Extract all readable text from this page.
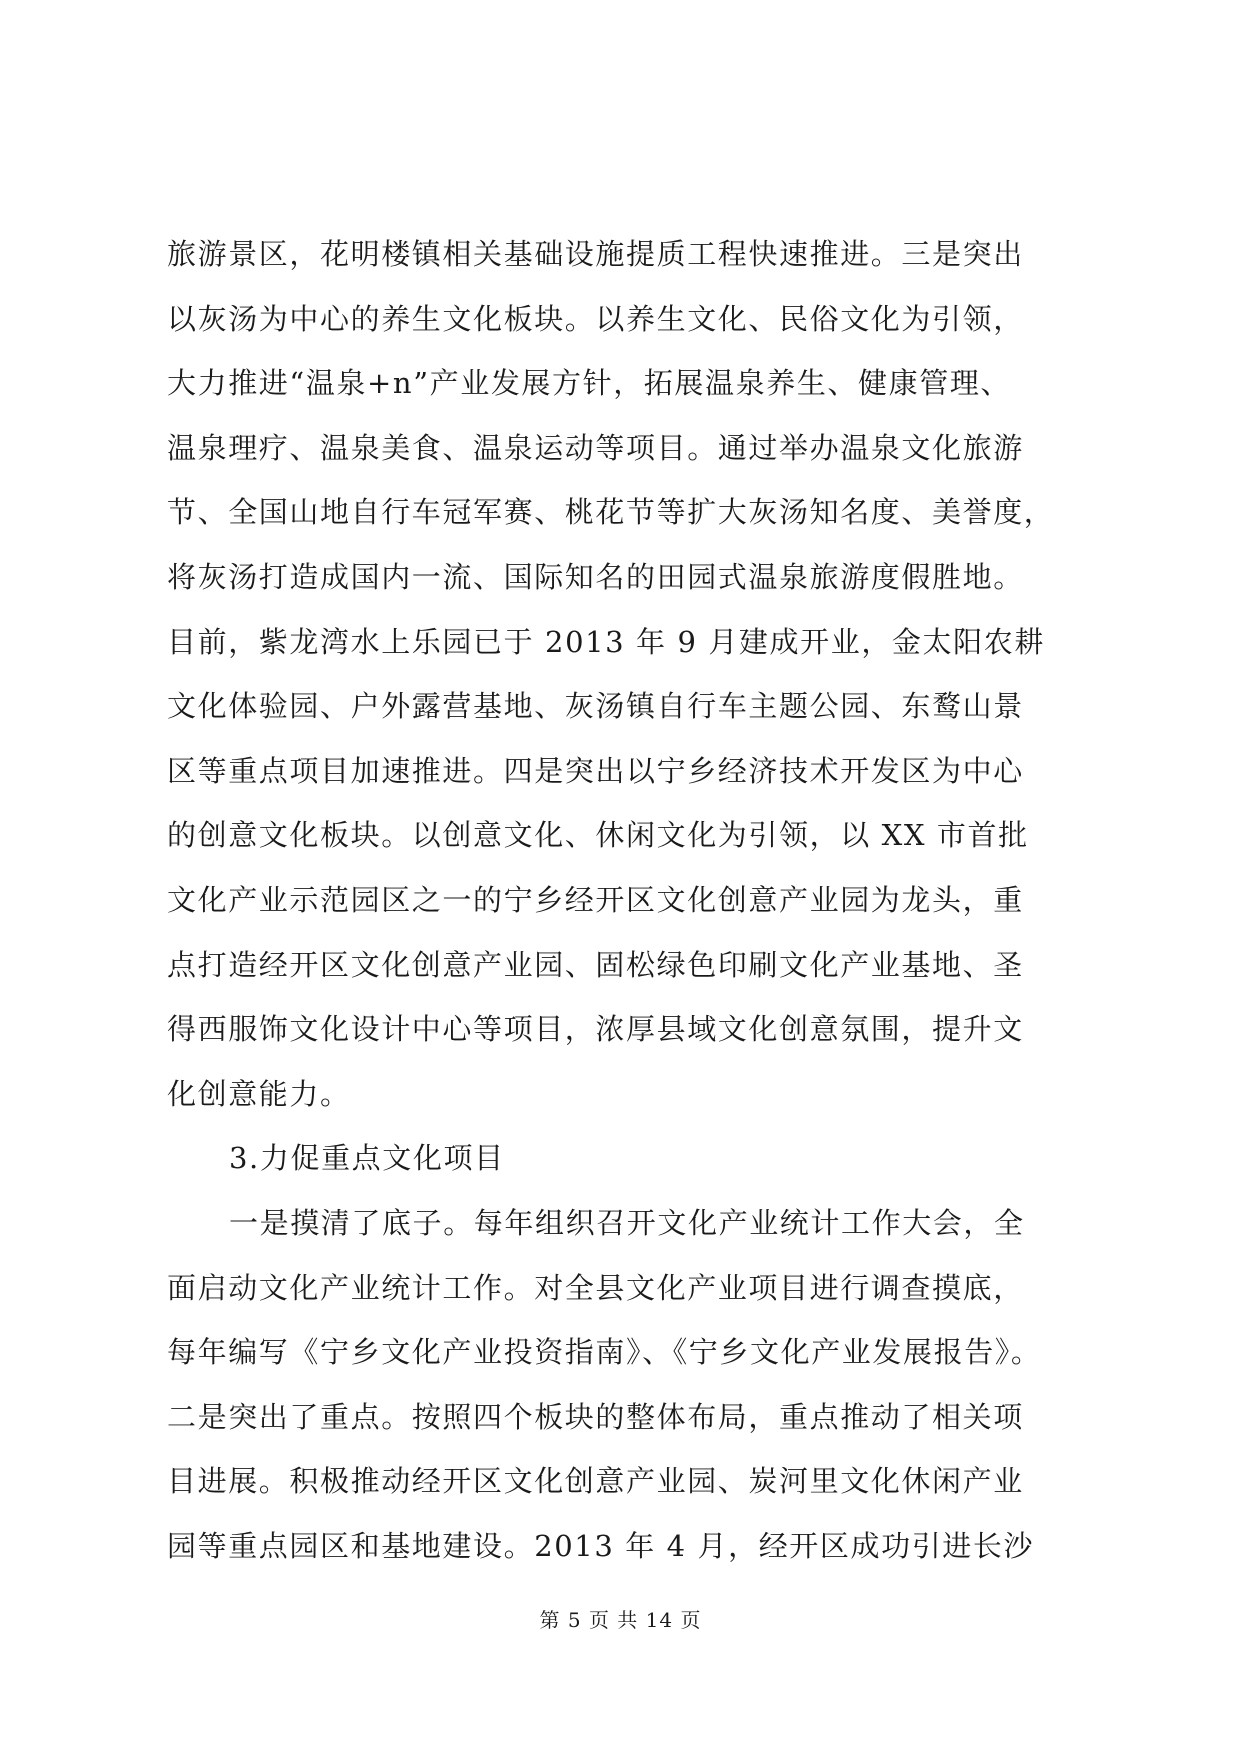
旅游景区，花明楼镇相关基础设施提质工程快速推进。三是突出
以灰汤为中心的养生文化板块。以养生文化、民俗文化为引领，
大力推进“温泉+n”产业发展方针，拓展温泉养生、健康管理、
温泉理疗、温泉美食、温泉运动等项目。通过举办温泉文化旅游
节、全国山地自行车冠军赛、桃花节等扩大灰汤知名度、美誉度，
将灰汤打造成国内一流、国际知名的田园式温泉旅游度假胜地。
目前，紫龙湾水上乐园已于 2013 年 9 月建成开业，金太阳农耕
文化体验园、户外露营基地、灰汤镇自行车主题公园、东鹜山景
区等重点项目加速推进。四是突出以宁乡经济技术开发区为中心
的创意文化板块。以创意文化、休闲文化为引领，以 XX 市首批
文化产业示范园区之一的宁乡经开区文化创意产业园为龙头，重
点打造经开区文化创意产业园、固松绿色印刷文化产业基地、圣
得西服饰文化设计中心等项目，浓厚县域文化创意氛围，提升文
化创意能力。
3.力促重点文化项目
一是摸清了底子。每年组织召开文化产业统计工作大会，全
面启动文化产业统计工作。对全县文化产业项目进行调查摸底，
每年编写《宁乡文化产业投资指南》、《宁乡文化产业发展报告》。
二是突出了重点。按照四个板块的整体布局，重点推动了相关项
目进展。积极推动经开区文化创意产业园、炭河里文化休闲产业
园等重点园区和基地建设。2013 年 4 月，经开区成功引进长沙
第 5 页 共 14 页
